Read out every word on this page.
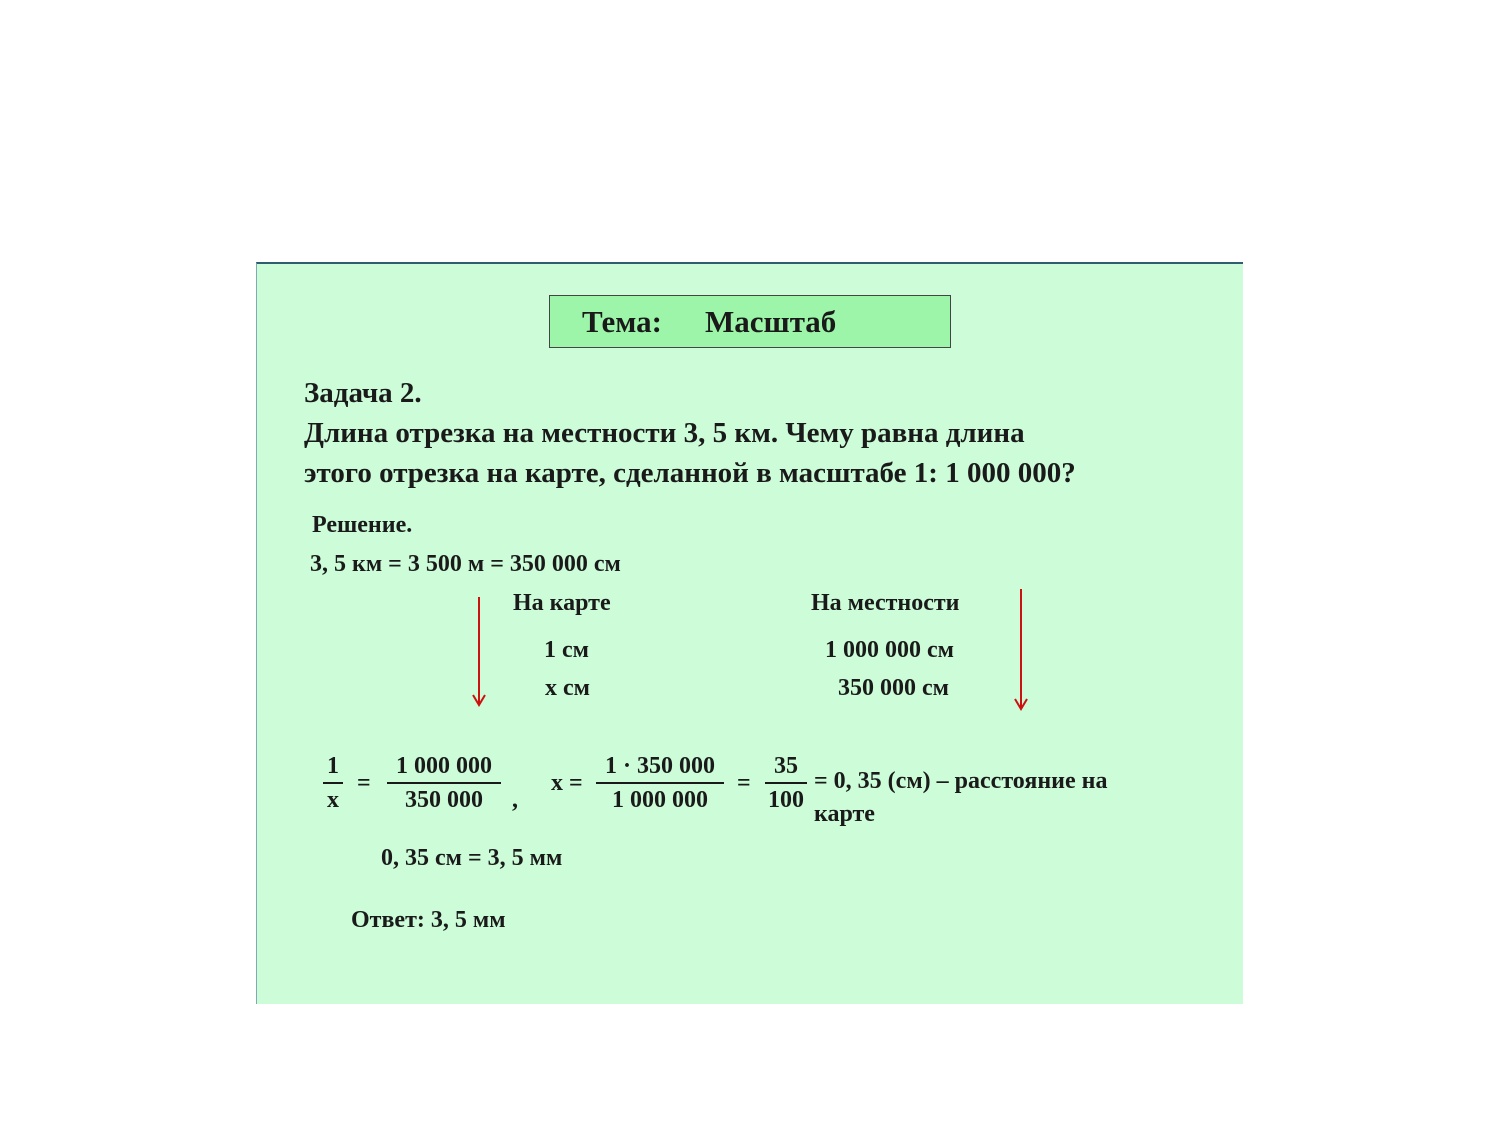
Тема: Масштаб
Задача 2.
Длина отрезка на местности 3, 5 км. Чему равна длина
этого отрезка на карте, сделанной в масштабе 1: 1 000 000?
Решение.
3, 5 км = 3 500 м = 350 000 см
На карте	На местности
1 см
х см
1 000 000 см
350 000 см
1
х
= $\frac{1 000 000}{350 000}$ ,
$х = \frac{1 \cdot 350 000}{1 000 000} = \frac{35}{100} = 0$, 35 (см) – расстояние на
карте
0, 35 см = 3, 5 мм
Ответ: 3, 5 мм
